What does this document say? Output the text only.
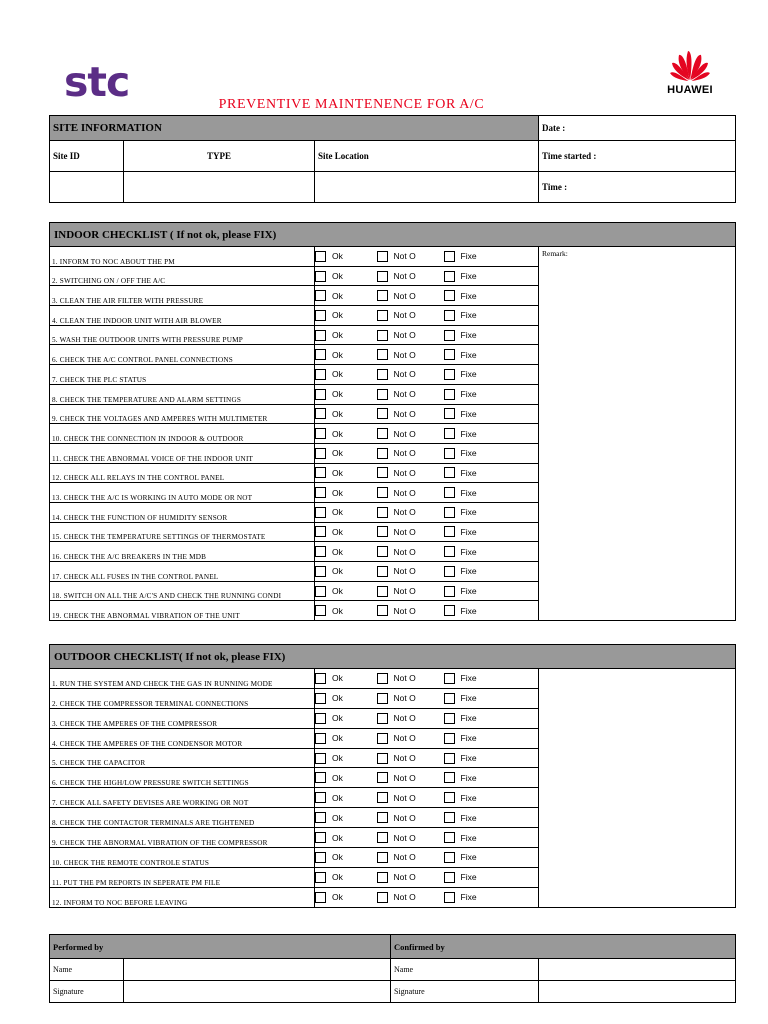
stc	HUAWEI
PREVENTIVE MAINTENENCE FOR A/C
SITE INFORMATION			Date :
Site ID	TYPE	Site Location	Time started :
			Time :
INDOOR CHECKLIST ( If not ok, please FIX)				
1. INFORM TO NOC ABOUT THE PM	Ok	Not O	Fixe	Remark:
2. SWITCHING ON / OFF THE A/C	Ok	Not O	Fixe	

3. CLEAN THE AIR FILTER WITH PRESSURE	Ok	Not O	Fixe	

4. CLEAN THE INDOOR UNIT WITH AIR BLOWER	Ok	Not O	Fixe	

5. WASH THE OUTDOOR UNITS WITH PRESSURE PUMP	Ok	Not O	Fixe	

6. CHECK THE A/C CONTROL PANEL CONNECTIONS	Ok	Not O	Fixe	

7. CHECK THE PLC STATUS	Ok	Not O	Fixe	

8. CHECK THE TEMPERATURE AND ALARM SETTINGS	Ok	Not O	Fixe	

9. CHECK THE VOLTAGES AND AMPERES WITH MULTIMETER	Ok	Not O	Fixe	

10. CHECK THE CONNECTION IN INDOOR & OUTDOOR	Ok	Not O	Fixe	

11. CHECK THE ABNORMAL VOICE OF THE INDOOR UNIT	Ok	Not O	Fixe	

12. CHECK ALL RELAYS IN THE CONTROL PANEL	Ok	Not O	Fixe	

13. CHECK THE A/C IS WORKING IN AUTO MODE OR NOT	Ok	Not O	Fixe	

14. CHECK THE FUNCTION OF HUMIDITY SENSOR	Ok	Not O	Fixe	

15. CHECK THE TEMPERATURE SETTINGS OF THERMOSTATE	Ok	Not O	Fixe	

16. CHECK THE A/C BREAKERS IN THE MDB	Ok	Not O	Fixe	

17. CHECK ALL FUSES IN THE CONTROL PANEL	Ok	Not O	Fixe	

18. SWITCH ON ALL THE A/C'S AND CHECK THE RUNNING CONDI	Ok	Not O	Fixe	

19. CHECK THE ABNORMAL VIBRATION OF THE UNIT	Ok	Not O	Fixe	
OUTDOOR CHECKLIST( If not ok, please FIX)				
1. RUN THE SYSTEM AND CHECK THE GAS IN RUNNING MODE	Ok	Not O	Fixe	

2. CHECK THE COMPRESSOR TERMINAL CONNECTIONS	Ok	Not O	Fixe	

3. CHECK THE AMPERES OF THE COMPRESSOR	Ok	Not O	Fixe	

4. CHECK THE AMPERES OF THE CONDENSOR MOTOR	Ok	Not O	Fixe	

5. CHECK THE CAPACITOR	Ok	Not O	Fixe	

6. CHECK THE HIGH/LOW PRESSURE SWITCH SETTINGS	Ok	Not O	Fixe	

7. CHECK ALL SAFETY DEVISES ARE WORKING OR NOT	Ok	Not O	Fixe	

8. CHECK THE CONTACTOR TERMINALS ARE TIGHTENED	Ok	Not O	Fixe	

9. CHECK THE ABNORMAL VIBRATION OF THE COMPRESSOR	Ok	Not O	Fixe	

10. CHECK THE REMOTE CONTROLE STATUS	Ok	Not O	Fixe	

11. PUT THE PM REPORTS IN SEPERATE PM FILE	Ok	Not O	Fixe	

12. INFORM TO NOC BEFORE LEAVING	Ok	Not O	Fixe	
Performed by		Confirmed by	
Name		Name	
Signature		Signature	
